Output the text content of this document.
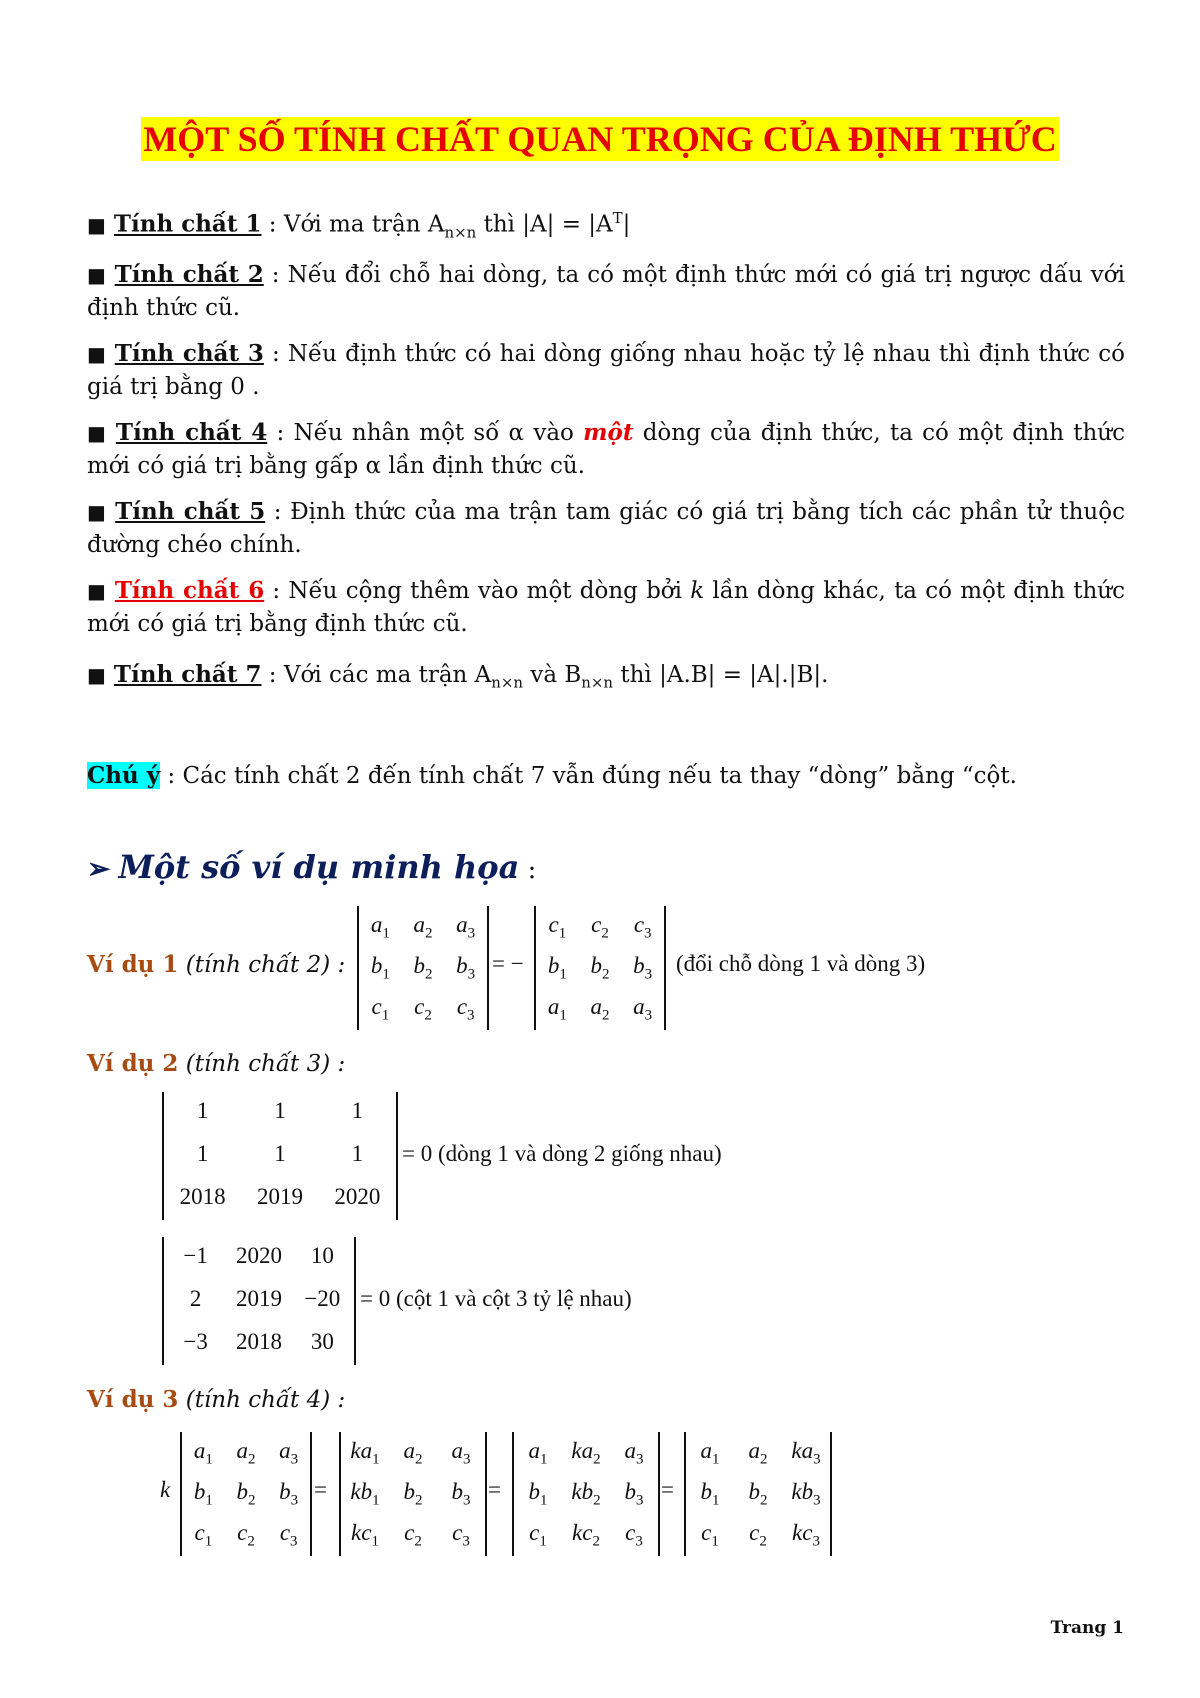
MỘT SỐ TÍNH CHẤT QUAN TRỌNG CỦA ĐỊNH THỨC
■ Tính chất 1 : Với ma trận $A_{n\times n}$ thì $|A| = |A^T|$
■ Tính chất 2 : Nếu đổi chỗ hai dòng, ta có một định thức mới có giá trị ngược dấu với định thức cũ.
■ Tính chất 3 : Nếu định thức có hai dòng giống nhau hoặc tỷ lệ nhau thì định thức có giá trị bằng 0 .
■ Tính chất 4 : Nếu nhân một số α vào một dòng của định thức, ta có một định thức mới có giá trị bằng gấp α lần định thức cũ.
■ Tính chất 5 : Định thức của ma trận tam giác có giá trị bằng tích các phần tử thuộc đường chéo chính.
■ Tính chất 6 : Nếu cộng thêm vào một dòng bởi k lần dòng khác, ta có một định thức mới có giá trị bằng định thức cũ.
■ Tính chất 7 : Với các ma trận $A_{n\times n}$ và $B_{n\times n}$ thì |A.B| = |A|.|B|.
Chú ý : Các tính chất 2 đến tính chất 7 vẫn đúng nếu ta thay “dòng” bằng “cột.
➢ Một số ví dụ minh họa :
Ví dụ 1 (tính chất 2) :
$a_1$	$a_2$	$a_3$
$b_1$	$b_2$	$b_3$
$c_1$	$c_2$	$c_3$
= −
$c_1$	$c_2$	$c_3$
$b_1$	$b_2$	$b_3$
$a_1$	$a_2$	$a_3$
(đổi chỗ dòng 1 và dòng 3)
Ví dụ 2 (tính chất 3) :
1	1	1
1	1	1
2018	2019	2020
= 0 (dòng 1 và dòng 2 giống nhau)
−1	2020	10
2	2019 −20
−3	2018	30
= 0 (cột 1 và cột 3 tỷ lệ nhau)
Ví dụ 3 (tính chất 4) :
k
$a_1$	$a_2$	$a_3$
$b_1$	$b_2$	$b_3$
$c_1$	$c_2$	$c_3$
=
$ka_1$	$a_2$	$a_3$
$kb_1$	$b_2$	$b_3$
$kc_1$	$c_2$	$c_3$
=
$a_1$	$ka_2$	$a_3$
$b_1$	$kb_2$	$b_3$
$c_1$	$kc_2$	$c_3$
=
$a_1$	$a_2$	$ka_3$
$b_1$	$b_2$	$kb_3$
$c_1$	$c_2$	$kc_3$
Trang 1
